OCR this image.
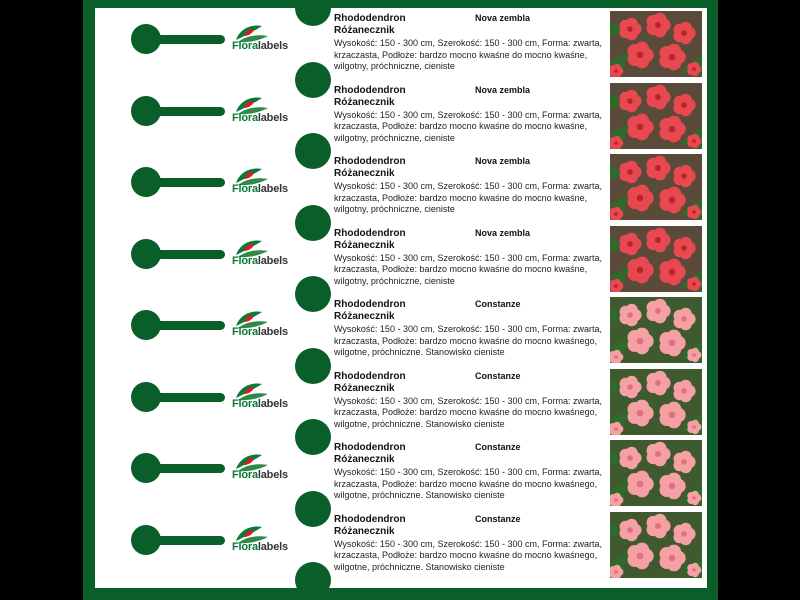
Floralabels
Rhododendron
Różanecznik
Nova zembla
Wysokość: 150 - 300 cm, Szerokość: 150 - 300 cm, Forma: zwarta, krzaczasta, Podłoże: bardzo mocno kwaśne do mocno kwaśne, wilgotny, próchniczne, cieniste
Floralabels
Rhododendron
Różanecznik
Nova zembla
Wysokość: 150 - 300 cm, Szerokość: 150 - 300 cm, Forma: zwarta, krzaczasta, Podłoże: bardzo mocno kwaśne do mocno kwaśne, wilgotny, próchniczne, cieniste
Floralabels
Rhododendron
Różanecznik
Nova zembla
Wysokość: 150 - 300 cm, Szerokość: 150 - 300 cm, Forma: zwarta, krzaczasta, Podłoże: bardzo mocno kwaśne do mocno kwaśne, wilgotny, próchniczne, cieniste
Floralabels
Rhododendron
Różanecznik
Nova zembla
Wysokość: 150 - 300 cm, Szerokość: 150 - 300 cm, Forma: zwarta, krzaczasta, Podłoże: bardzo mocno kwaśne do mocno kwaśne, wilgotny, próchniczne, cieniste
Floralabels
Rhododendron
Różanecznik
Constanze
Wysokość: 150 - 300 cm, Szerokość: 150 - 300 cm, Forma: zwarta, krzaczasta, Podłoże: bardzo mocno kwaśne do mocno kwaśnego, wilgotne, próchniczne. Stanowisko cieniste
Floralabels
Rhododendron
Różanecznik
Constanze
Wysokość: 150 - 300 cm, Szerokość: 150 - 300 cm, Forma: zwarta, krzaczasta, Podłoże: bardzo mocno kwaśne do mocno kwaśnego, wilgotne, próchniczne. Stanowisko cieniste
Floralabels
Rhododendron
Różanecznik
Constanze
Wysokość: 150 - 300 cm, Szerokość: 150 - 300 cm, Forma: zwarta, krzaczasta, Podłoże: bardzo mocno kwaśne do mocno kwaśnego, wilgotne, próchniczne. Stanowisko cieniste
Floralabels
Rhododendron
Różanecznik
Constanze
Wysokość: 150 - 300 cm, Szerokość: 150 - 300 cm, Forma: zwarta, krzaczasta, Podłoże: bardzo mocno kwaśne do mocno kwaśnego, wilgotne, próchniczne. Stanowisko cieniste
